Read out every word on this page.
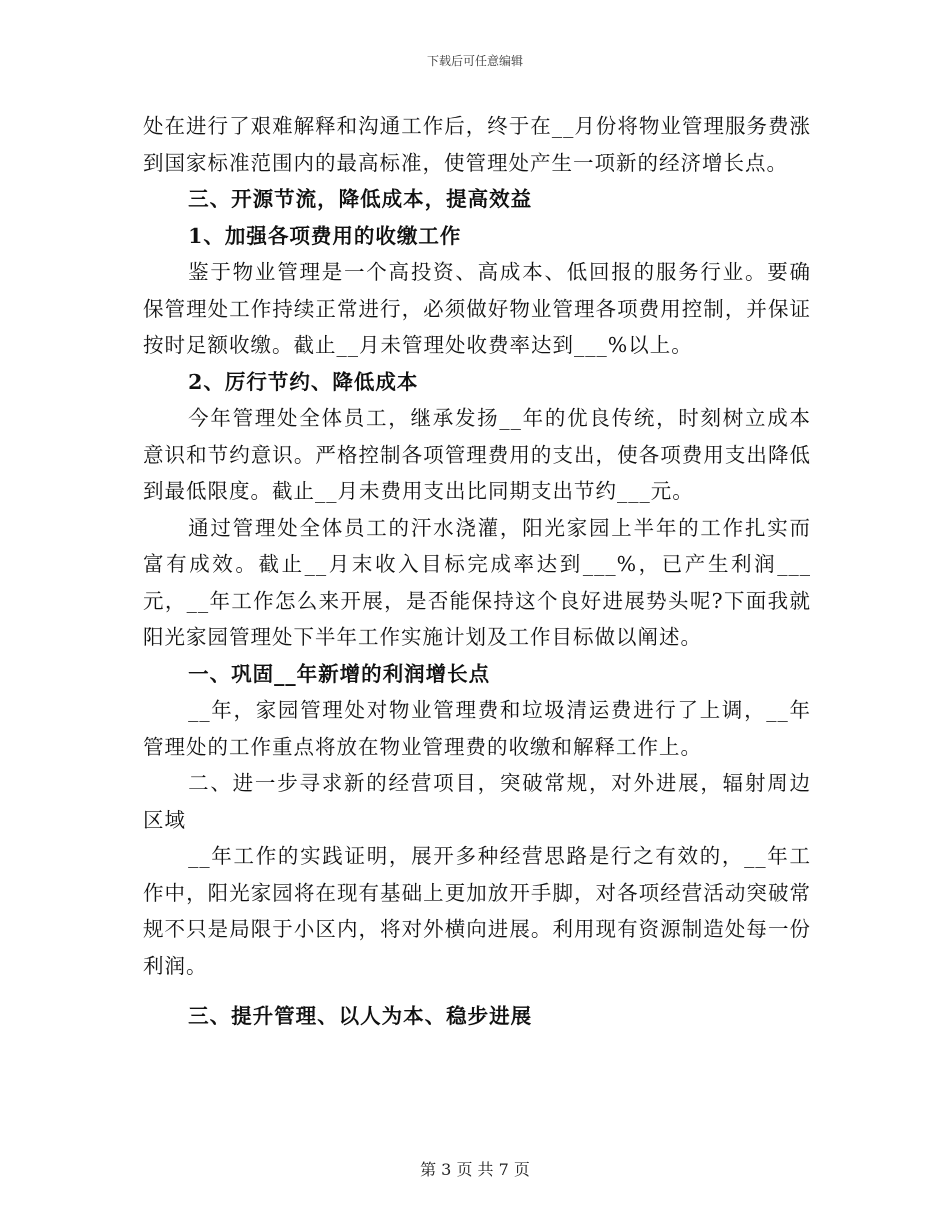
下载后可任意编辑

处在进行了艰难解释和沟通工作后，终于在__月份将物业管理服务费涨到国家标准范围内的最高标准，使管理处产生一项新的经济增长点。

三、开源节流，降低成本，提高效益

1、加强各项费用的收缴工作

鉴于物业管理是一个高投资、高成本、低回报的服务行业。要确保管理处工作持续正常进行，必须做好物业管理各项费用控制，并保证按时足额收缴。截止__月未管理处收费率达到___%以上。

2、厉行节约、降低成本

今年管理处全体员工，继承发扬__年的优良传统，时刻树立成本意识和节约意识。严格控制各项管理费用的支出，使各项费用支出降低到最低限度。截止__月未费用支出比同期支出节约___元。

通过管理处全体员工的汗水浇灌，阳光家园上半年的工作扎实而富有成效。截止__月末收入目标完成率达到___%，已产生利润___元，__年工作怎么来开展，是否能保持这个良好进展势头呢?下面我就阳光家园管理处下半年工作实施计划及工作目标做以阐述。

一、巩固__年新增的利润增长点

__年，家园管理处对物业管理费和垃圾清运费进行了上调，__年管理处的工作重点将放在物业管理费的收缴和解释工作上。

二、进一步寻求新的经营项目，突破常规，对外进展，辐射周边区域

__年工作的实践证明，展开多种经营思路是行之有效的，__年工作中，阳光家园将在现有基础上更加放开手脚，对各项经营活动突破常规不只是局限于小区内，将对外横向进展。利用现有资源制造处每一份利润。

三、提升管理、以人为本、稳步进展

第 3 页 共 7 页
